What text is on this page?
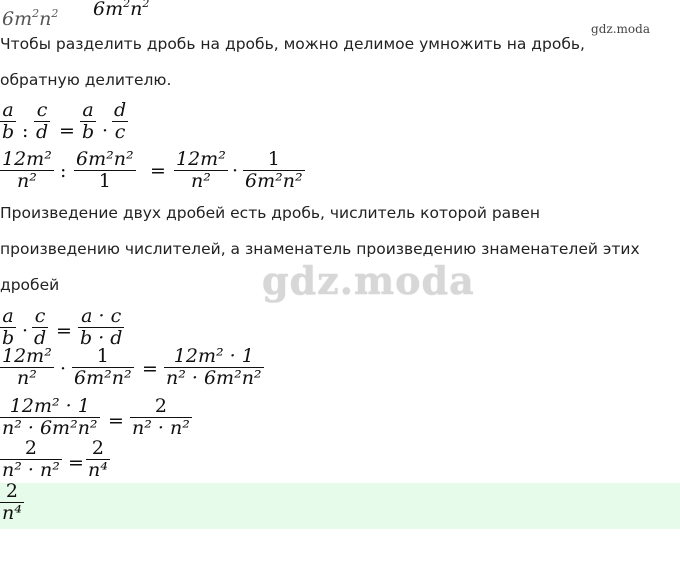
$6m^2n^2$ $6m^2n^2$
gdz.moda
Чтобы разделить дробь на дробь, можно делимое умножить на дробь,
обратную делителю.
a
b :
c
d =
a
b ·
d
c
12m²
n² :
6m²n²
1 =
12m²
n² ·
1
6m²n²
Произведение двух дробей есть дробь, числитель которой равен
произведению числителей, а знаменатель произведению знаменателей этих
дробей	gdz.moda
a
b ·
c
d =
a · c
b · d
12m²
n² ·
1
6m²n² =
12m² · 1
n² · 6m²n²
12m² · 1
n² · 6m²n² =
2
n² · n²
2
n² · n² =
2
n⁴
2
n⁴
